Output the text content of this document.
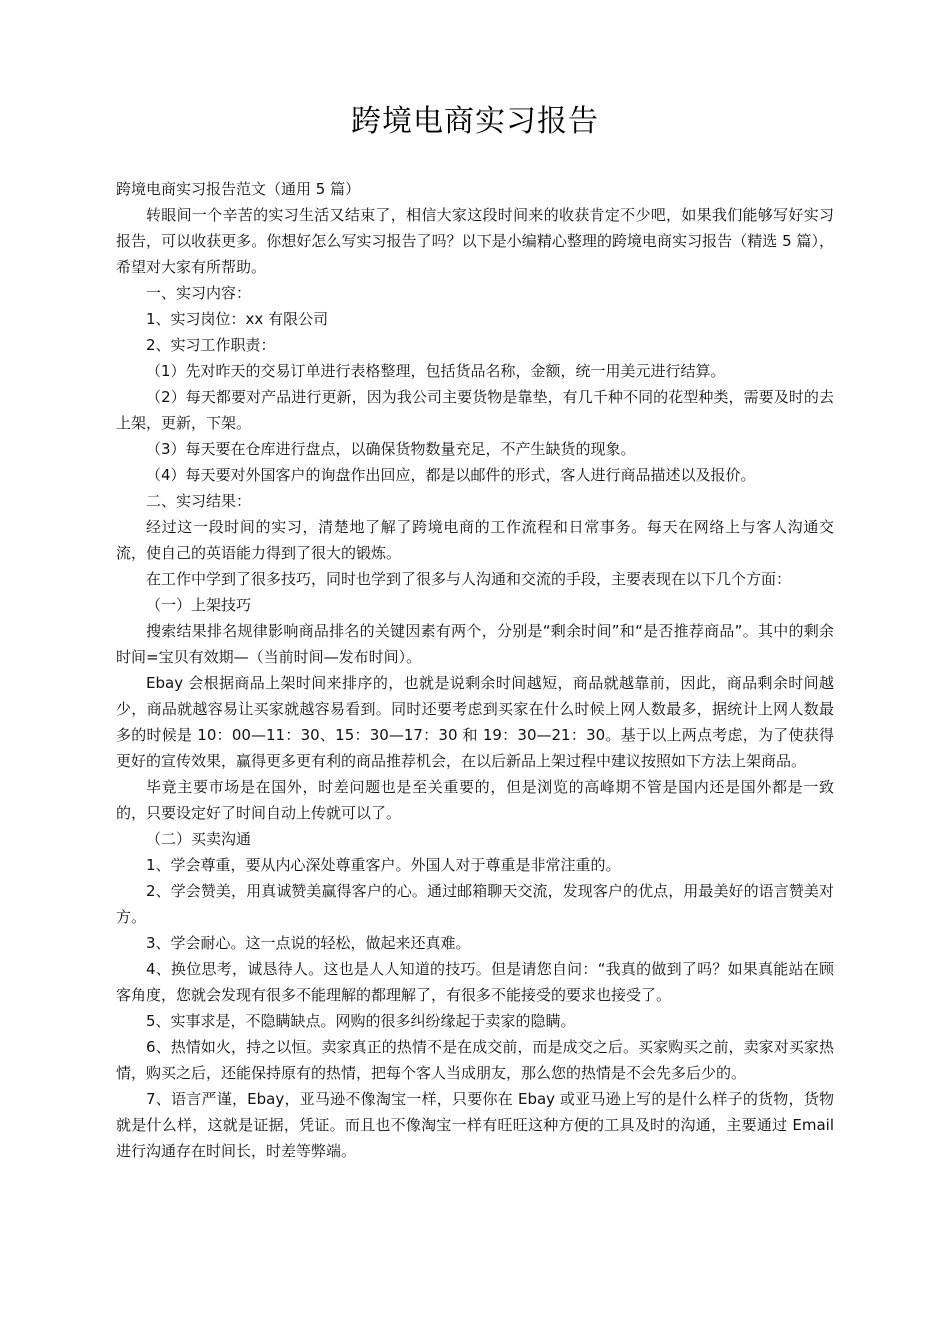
跨境电商实习报告

跨境电商实习报告范文（通用 5 篇）

转眼间一个辛苦的实习生活又结束了，相信大家这段时间来的收获肯定不少吧，如果我们能够写好实习报告，可以收获更多。你想好怎么写实习报告了吗？以下是小编精心整理的跨境电商实习报告（精选 5 篇），希望对大家有所帮助。

一、实习内容：

1、实习岗位：xx 有限公司

2、实习工作职责：

（1）先对昨天的交易订单进行表格整理，包括货品名称，金额，统一用美元进行结算。

（2）每天都要对产品进行更新，因为我公司主要货物是靠垫，有几千种不同的花型种类，需要及时的去上架，更新，下架。

（3）每天要在仓库进行盘点，以确保货物数量充足，不产生缺货的现象。

（4）每天要对外国客户的询盘作出回应，都是以邮件的形式，客人进行商品描述以及报价。

二、实习结果：

经过这一段时间的实习，清楚地了解了跨境电商的工作流程和日常事务。每天在网络上与客人沟通交流，使自己的英语能力得到了很大的锻炼。

在工作中学到了很多技巧，同时也学到了很多与人沟通和交流的手段，主要表现在以下几个方面：

（一）上架技巧

搜索结果排名规律影响商品排名的关键因素有两个，分别是“剩余时间”和“是否推荐商品”。其中的剩余时间=宝贝有效期—（当前时间—发布时间）。

Ebay 会根据商品上架时间来排序的，也就是说剩余时间越短，商品就越靠前，因此，商品剩余时间越少，商品就越容易让买家就越容易看到。同时还要考虑到买家在什么时候上网人数最多，据统计上网人数最多的时候是 10：00—11：30、15：30—17：30 和 19：30—21：30。基于以上两点考虑，为了使获得更好的宣传效果，赢得更多更有利的商品推荐机会，在以后新品上架过程中建议按照如下方法上架商品。

毕竟主要市场是在国外，时差问题也是至关重要的，但是浏览的高峰期不管是国内还是国外都是一致的，只要设定好了时间自动上传就可以了。

（二）买卖沟通

1、学会尊重，要从内心深处尊重客户。外国人对于尊重是非常注重的。

2、学会赞美，用真诚赞美赢得客户的心。通过邮箱聊天交流，发现客户的优点，用最美好的语言赞美对方。

3、学会耐心。这一点说的轻松，做起来还真难。

4、换位思考，诚恳待人。这也是人人知道的技巧。但是请您自问：“我真的做到了吗？如果真能站在顾客角度，您就会发现有很多不能理解的都理解了，有很多不能接受的要求也接受了。

5、实事求是，不隐瞒缺点。网购的很多纠纷缘起于卖家的隐瞒。

6、热情如火，持之以恒。卖家真正的热情不是在成交前，而是成交之后。买家购买之前，卖家对买家热情，购买之后，还能保持原有的热情，把每个客人当成朋友，那么您的热情是不会先多后少的。

7、语言严谨，Ebay，亚马逊不像淘宝一样，只要你在 Ebay 或亚马逊上写的是什么样子的货物，货物就是什么样，这就是证据，凭证。而且也不像淘宝一样有旺旺这种方便的工具及时的沟通，主要通过 Email 进行沟通存在时间长，时差等弊端。
